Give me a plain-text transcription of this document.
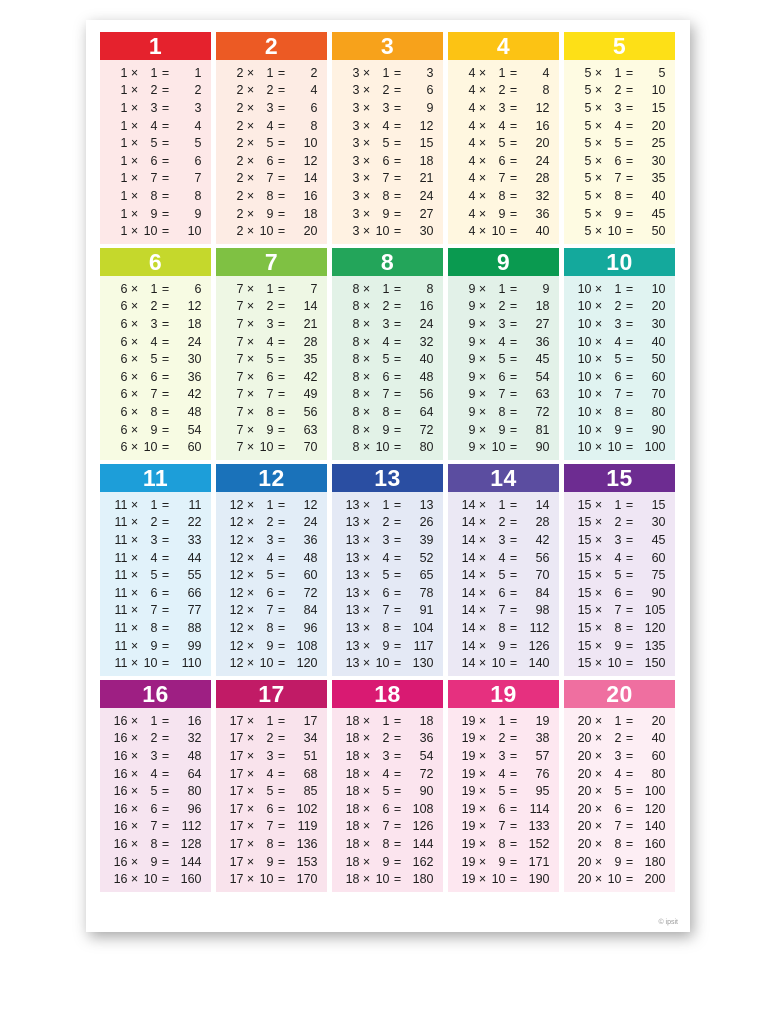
1
1 × 1 =	1
1 × 2 =	2
1 × 3 =	3
1 × 4 =	4
1 × 5 =	5
1 × 6 =	6
1 × 7 =	7
1 × 8 =	8
1 × 9 =	9
1 × 10 =	10
2
2 × 1 =	2
2 × 2 =	4
2 × 3 =	6
2 × 4 =	8
2 × 5 =	10
2 × 6 =	12
2 × 7 =	14
2 × 8 =	16
2 × 9 =	18
2 × 10 =	20
3
3 × 1 =	3
3 × 2 =	6
3 × 3 =	9
3 × 4 =	12
3 × 5 =	15
3 × 6 =	18
3 × 7 =	21
3 × 8 =	24
3 × 9 =	27
3 × 10 =	30
4
4 × 1 =	4
4 × 2 =	8
4 × 3 =	12
4 × 4 =	16
4 × 5 =	20
4 × 6 =	24
4 × 7 =	28
4 × 8 =	32
4 × 9 =	36
4 × 10 =	40
5
5 × 1 =	5
5 × 2 =	10
5 × 3 =	15
5 × 4 =	20
5 × 5 =	25
5 × 6 =	30
5 × 7 =	35
5 × 8 =	40
5 × 9 =	45
5 × 10 =	50
6
6 × 1 =	6
6 × 2 =	12
6 × 3 =	18
6 × 4 =	24
6 × 5 =	30
6 × 6 =	36
6 × 7 =	42
6 × 8 =	48
6 × 9 =	54
6 × 10 =	60
7
7 × 1 =	7
7 × 2 =	14
7 × 3 =	21
7 × 4 =	28
7 × 5 =	35
7 × 6 =	42
7 × 7 =	49
7 × 8 =	56
7 × 9 =	63
7 × 10 =	70
8
8 × 1 =	8
8 × 2 =	16
8 × 3 =	24
8 × 4 =	32
8 × 5 =	40
8 × 6 =	48
8 × 7 =	56
8 × 8 =	64
8 × 9 =	72
8 × 10 =	80
9
9 × 1 =	9
9 × 2 =	18
9 × 3 =	27
9 × 4 =	36
9 × 5 =	45
9 × 6 =	54
9 × 7 =	63
9 × 8 =	72
9 × 9 =	81
9 × 10 =	90
10
10 × 1 =	10
10 × 2 =	20
10 × 3 =	30
10 × 4 =	40
10 × 5 =	50
10 × 6 =	60
10 × 7 =	70
10 × 8 =	80
10 × 9 =	90
10 × 10 = 100
11
11 × 1 =	11
11 × 2 =	22
11 × 3 =	33
11 × 4 =	44
11 × 5 =	55
11 × 6 =	66
11 × 7 =	77
11 × 8 =	88
11 × 9 =	99
11 × 10 = 110
12
12 × 1 =	12
12 × 2 =	24
12 × 3 =	36
12 × 4 =	48
12 × 5 =	60
12 × 6 =	72
12 × 7 =	84
12 × 8 =	96
12 × 9 = 108
12 × 10 = 120
13
13 × 1 =	13
13 × 2 =	26
13 × 3 =	39
13 × 4 =	52
13 × 5 =	65
13 × 6 =	78
13 × 7 =	91
13 × 8 = 104
13 × 9 = 117
13 × 10 = 130
14
14 × 1 =	14
14 × 2 =	28
14 × 3 =	42
14 × 4 =	56
14 × 5 =	70
14 × 6 =	84
14 × 7 =	98
14 × 8 = 112
14 × 9 = 126
14 × 10 = 140
15
15 × 1 =	15
15 × 2 =	30
15 × 3 =	45
15 × 4 =	60
15 × 5 =	75
15 × 6 =	90
15 × 7 = 105
15 × 8 = 120
15 × 9 = 135
15 × 10 = 150
16
16 × 1 =	16
16 × 2 =	32
16 × 3 =	48
16 × 4 =	64
16 × 5 =	80
16 × 6 =	96
16 × 7 = 112
16 × 8 = 128
16 × 9 = 144
16 × 10 = 160
17
17 × 1 =	17
17 × 2 =	34
17 × 3 =	51
17 × 4 =	68
17 × 5 =	85
17 × 6 = 102
17 × 7 = 119
17 × 8 = 136
17 × 9 = 153
17 × 10 = 170
18
18 × 1 =	18
18 × 2 =	36
18 × 3 =	54
18 × 4 =	72
18 × 5 =	90
18 × 6 = 108
18 × 7 = 126
18 × 8 = 144
18 × 9 = 162
18 × 10 = 180
19
19 × 1 =	19
19 × 2 =	38
19 × 3 =	57
19 × 4 =	76
19 × 5 =	95
19 × 6 = 114
19 × 7 = 133
19 × 8 = 152
19 × 9 = 171
19 × 10 = 190
20
20 × 1 =	20
20 × 2 =	40
20 × 3 =	60
20 × 4 =	80
20 × 5 = 100
20 × 6 = 120
20 × 7 = 140
20 × 8 = 160
20 × 9 = 180
20 × 10 = 200
© ipsit
